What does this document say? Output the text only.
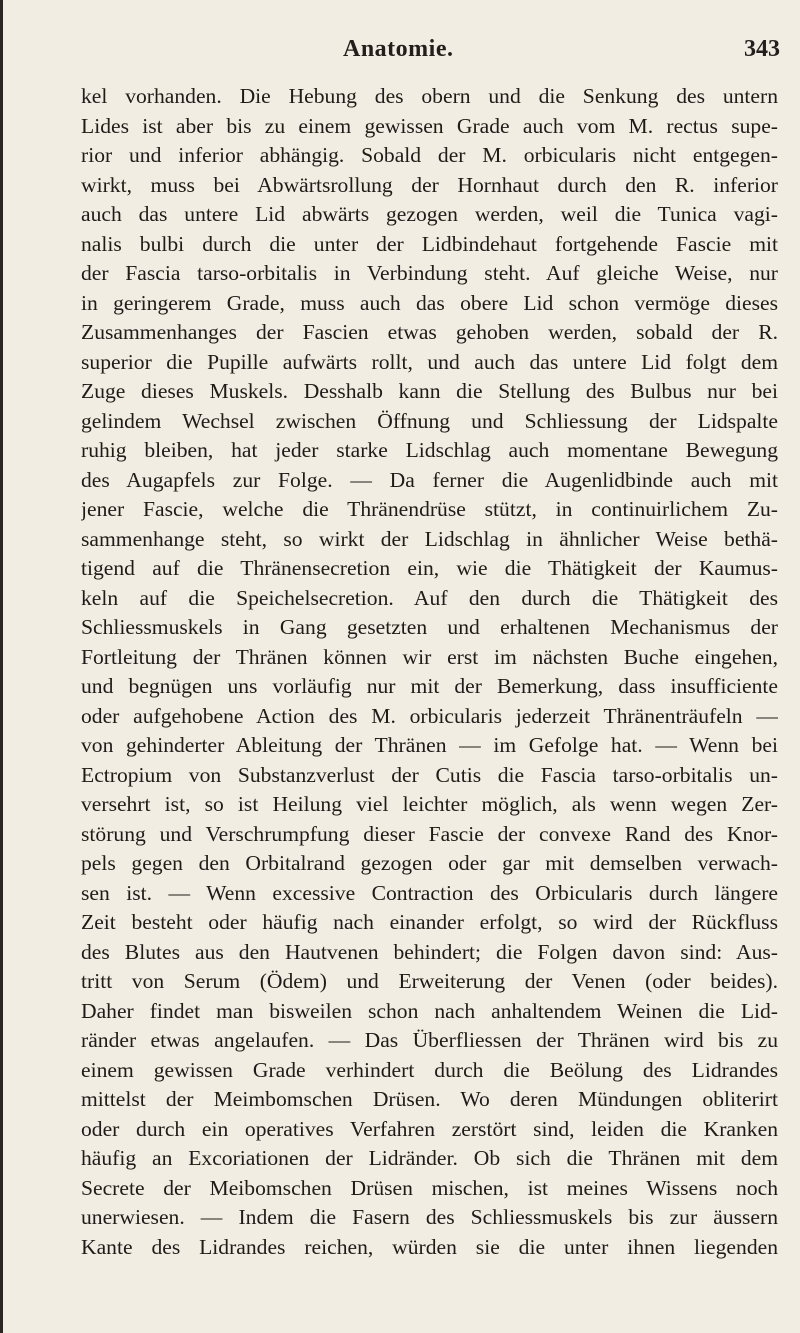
Anatomie.	343
kel vorhanden. Die Hebung des obern und die Senkung des untern
Lides ist aber bis zu einem gewissen Grade auch vom M. rectus supe-
rior und inferior abhängig. Sobald der M. orbicularis nicht entgegen-
wirkt, muss bei Abwärtsrollung der Hornhaut durch den R. inferior
auch das untere Lid abwärts gezogen werden, weil die Tunica vagi-
nalis bulbi durch die unter der Lidbindehaut fortgehende Fascie mit
der Fascia tarso-orbitalis in Verbindung steht. Auf gleiche Weise, nur
in geringerem Grade, muss auch das obere Lid schon vermöge dieses
Zusammenhanges der Fascien etwas gehoben werden, sobald der R.
superior die Pupille aufwärts rollt, und auch das untere Lid folgt dem
Zuge dieses Muskels. Desshalb kann die Stellung des Bulbus nur bei
gelindem Wechsel zwischen Öffnung und Schliessung der Lidspalte
ruhig bleiben, hat jeder starke Lidschlag auch momentane Bewegung
des Augapfels zur Folge. — Da ferner die Augenlidbinde auch mit
jener Fascie, welche die Thränendrüse stützt, in continuirlichem Zu-
sammenhange steht, so wirkt der Lidschlag in ähnlicher Weise bethä-
tigend auf die Thränensecretion ein, wie die Thätigkeit der Kaumus-
keln auf die Speichelsecretion. Auf den durch die Thätigkeit des
Schliessmuskels in Gang gesetzten und erhaltenen Mechanismus der
Fortleitung der Thränen können wir erst im nächsten Buche eingehen,
und begnügen uns vorläufig nur mit der Bemerkung, dass insufficiente
oder aufgehobene Action des M. orbicularis jederzeit Thränenträufeln —
von gehinderter Ableitung der Thränen — im Gefolge hat. — Wenn bei
Ectropium von Substanzverlust der Cutis die Fascia tarso-orbitalis un-
versehrt ist, so ist Heilung viel leichter möglich, als wenn wegen Zer-
störung und Verschrumpfung dieser Fascie der convexe Rand des Knor-
pels gegen den Orbitalrand gezogen oder gar mit demselben verwach-
sen ist. — Wenn excessive Contraction des Orbicularis durch längere
Zeit besteht oder häufig nach einander erfolgt, so wird der Rückfluss
des Blutes aus den Hautvenen behindert; die Folgen davon sind: Aus-
tritt von Serum (Ödem) und Erweiterung der Venen (oder beides).
Daher findet man bisweilen schon nach anhaltendem Weinen die Lid-
ränder etwas angelaufen. — Das Überfliessen der Thränen wird bis zu
einem gewissen Grade verhindert durch die Beölung des Lidrandes
mittelst der Meimbomschen Drüsen. Wo deren Mündungen obliterirt
oder durch ein operatives Verfahren zerstört sind, leiden die Kranken
häufig an Excoriationen der Lidränder. Ob sich die Thränen mit dem
Secrete der Meibomschen Drüsen mischen, ist meines Wissens noch
unerwiesen. — Indem die Fasern des Schliessmuskels bis zur äussern
Kante des Lidrandes reichen, würden sie die unter ihnen liegenden
